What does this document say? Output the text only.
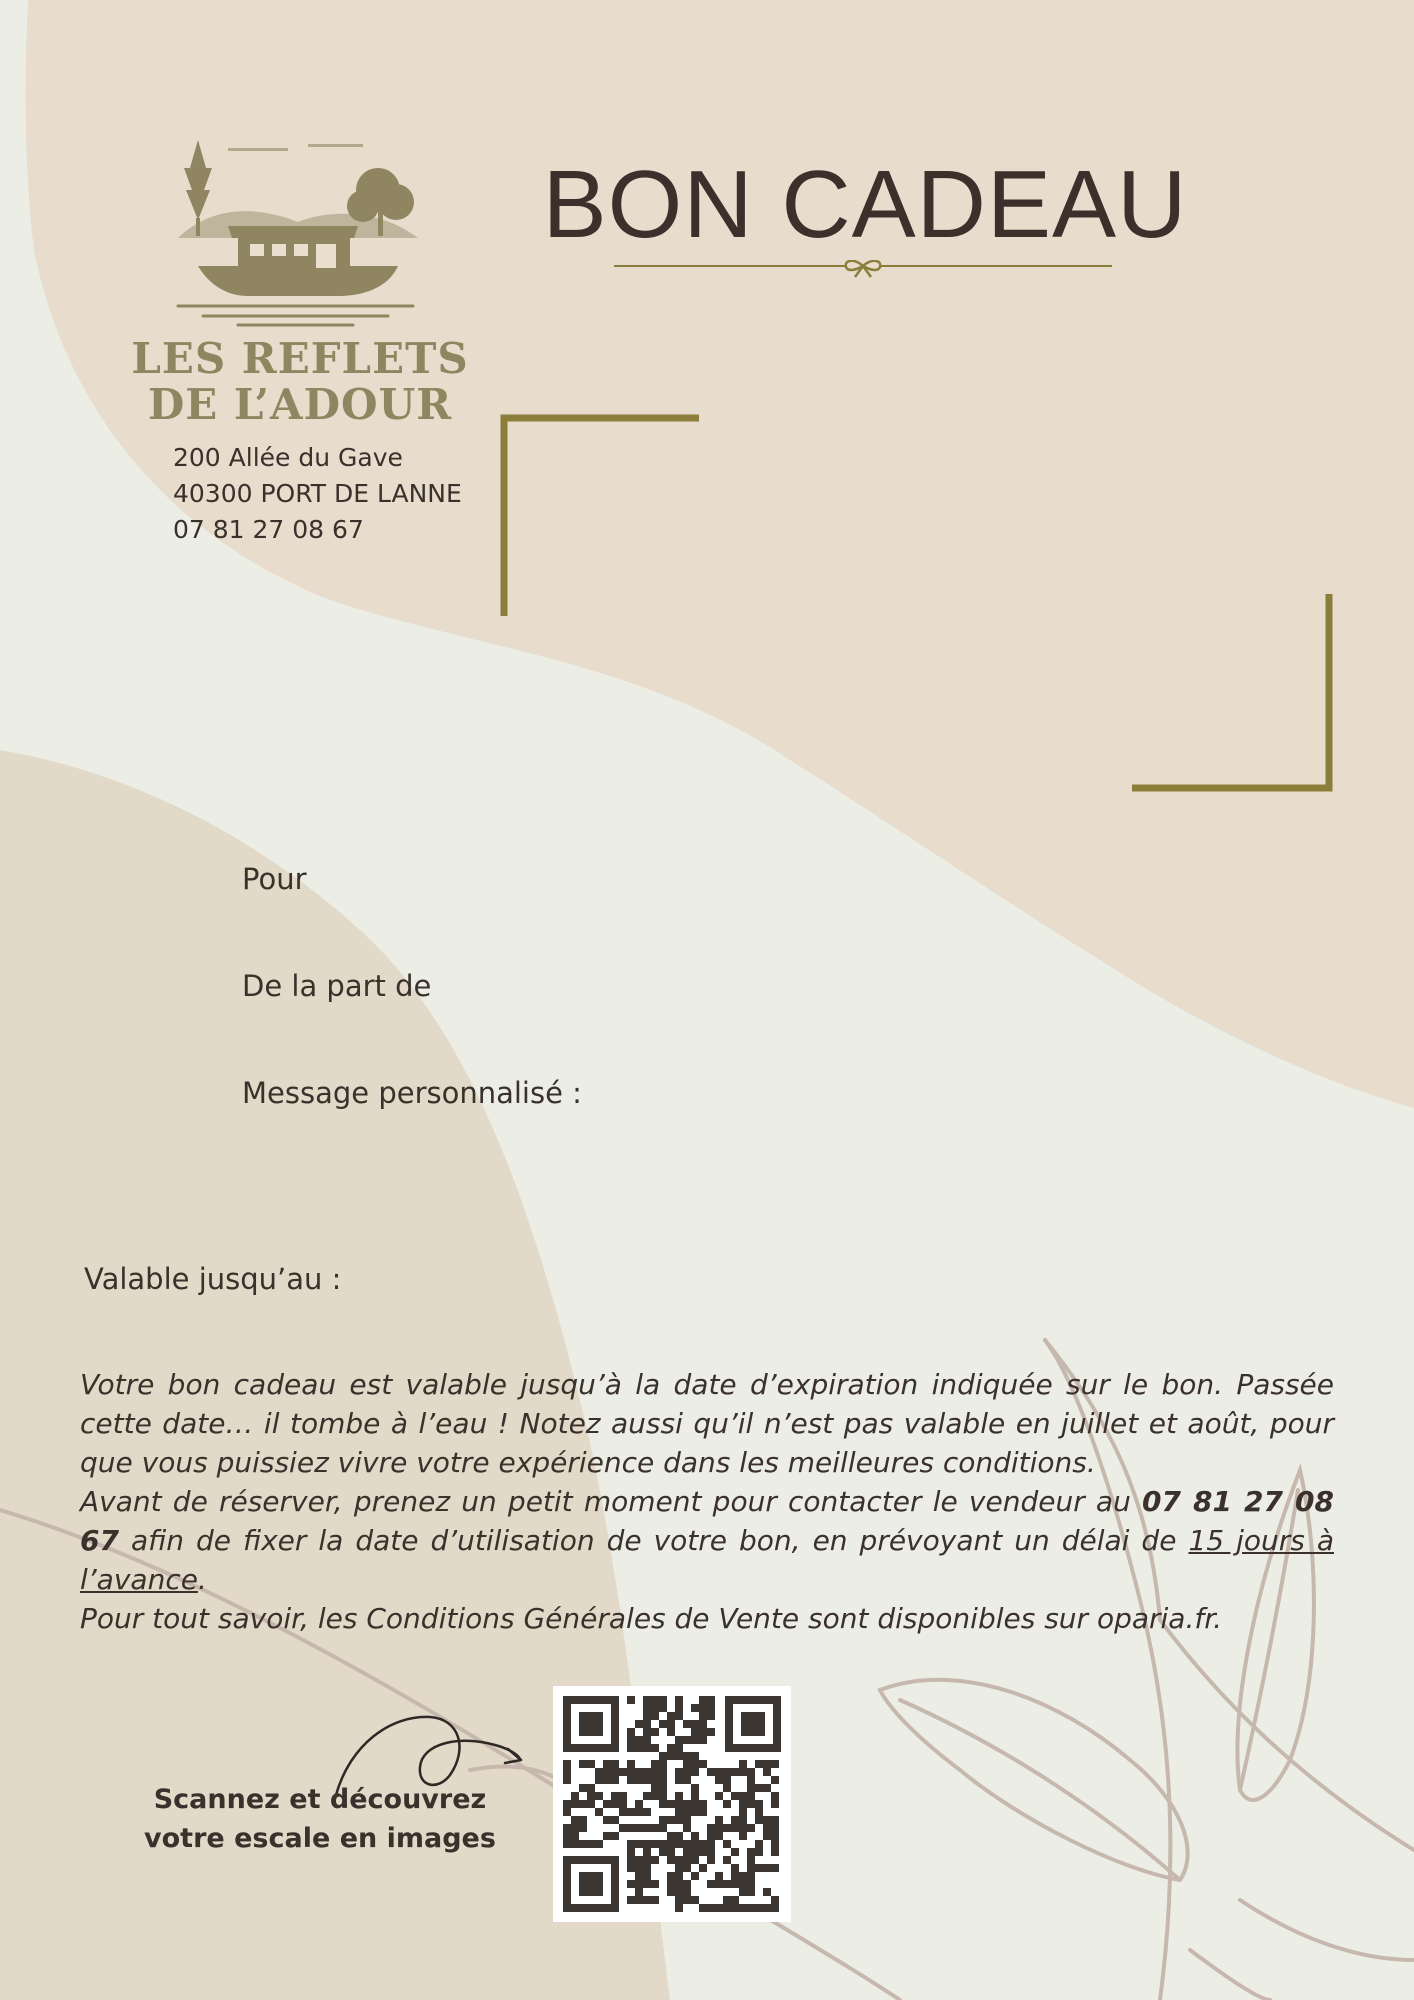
LES REFLETS
DE L’ADOUR
200 Allée du Gave
40300 PORT DE LANNE
07 81 27 08 67
BON CADEAU
Pour
De la part de
Message personnalisé :
Valable jusqu’au :

Votre bon cadeau est valable jusqu’à la date d’expiration indiquée sur le bon. Passée cette date… il tombe à l’eau ! Notez aussi qu’il n’est pas valable en juillet et août, pour que vous puissiez vivre votre expérience dans les meilleures conditions.

Avant de réserver, prenez un petit moment pour contacter le vendeur au 07 81 27 08 67 afin de fixer la date d’utilisation de votre bon, en prévoyant un délai de 15 jours à l’avance.

Pour tout savoir, les Conditions Générales de Vente sont disponibles sur oparia.fr.

Scannez et découvrez
votre escale en images
